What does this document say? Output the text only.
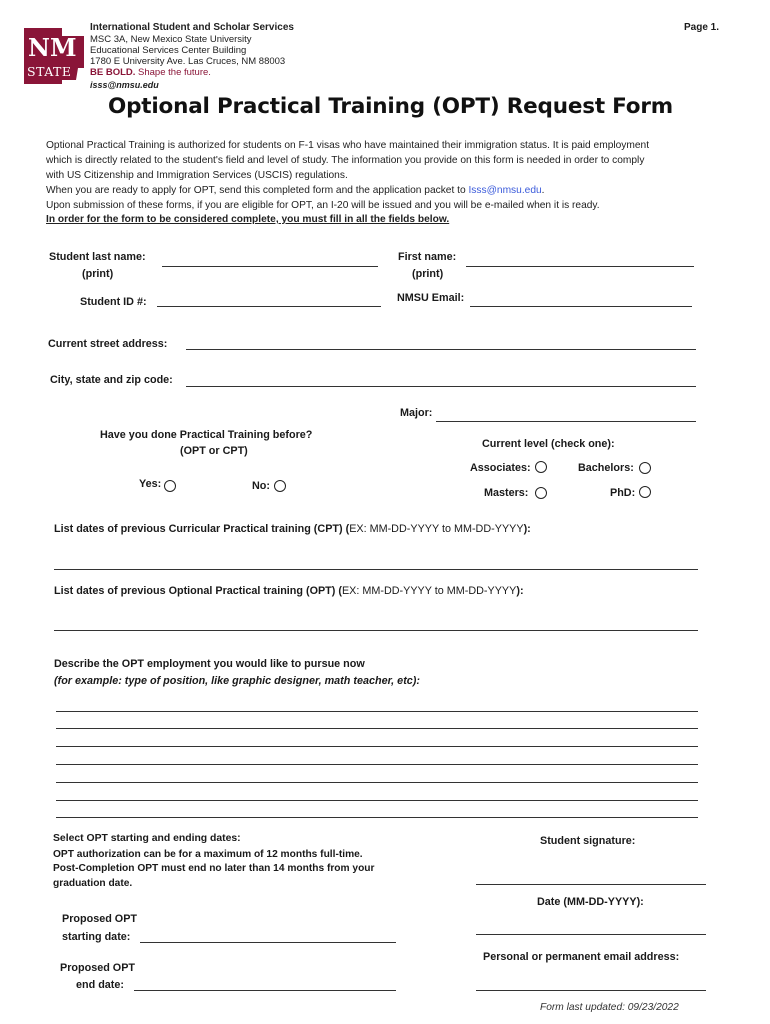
NM
STATE
International Student and Scholar Services
MSC 3A, New Mexico State University
Educational Services Center Building
1780 E University Ave. Las Cruces, NM 88003
BE BOLD. Shape the future.
isss@nmsu.edu
Page 1.
Optional Practical Training (OPT) Request Form
Optional Practical Training is authorized for students on F-1 visas who have maintained their immigration status. It is paid employment
which is directly related to the student's field and level of study. The information you provide on this form is needed in order to comply
with US Citizenship and Immigration Services (USCIS) regulations.
When you are ready to apply for OPT, send this completed form and the application packet to Isss@nmsu.edu.
Upon submission of these forms, if you are eligible for OPT, an I-20 will be issued and you will be e-mailed when it is ready.
In order for the form to be considered complete, you must fill in all the fields below.
Student last name:
(print)
First name:
(print)
Student ID #:	NMSU Email:
Current street address:
City, state and zip code:
Major:
Have you done Practical Training before?
(OPT or CPT)
Yes:	No:
Current level (check one):
Associates:	Bachelors:
Masters:	PhD:
List dates of previous Curricular Practical training (CPT) (EX: MM-DD-YYYY to MM-DD-YYYY):
List dates of previous Optional Practical training (OPT) (EX: MM-DD-YYYY to MM-DD-YYYY):
Describe the OPT employment you would like to pursue now
(for example: type of position, like graphic designer, math teacher, etc):
Select OPT starting and ending dates:
OPT authorization can be for a maximum of 12 months full-time.
Post-Completion OPT must end no later than 14 months from your
graduation date.
Proposed OPT
starting date:
Proposed OPT
end date:
Student signature:
Date (MM-DD-YYYY):
Personal or permanent email address:
Form last updated: 09/23/2022
